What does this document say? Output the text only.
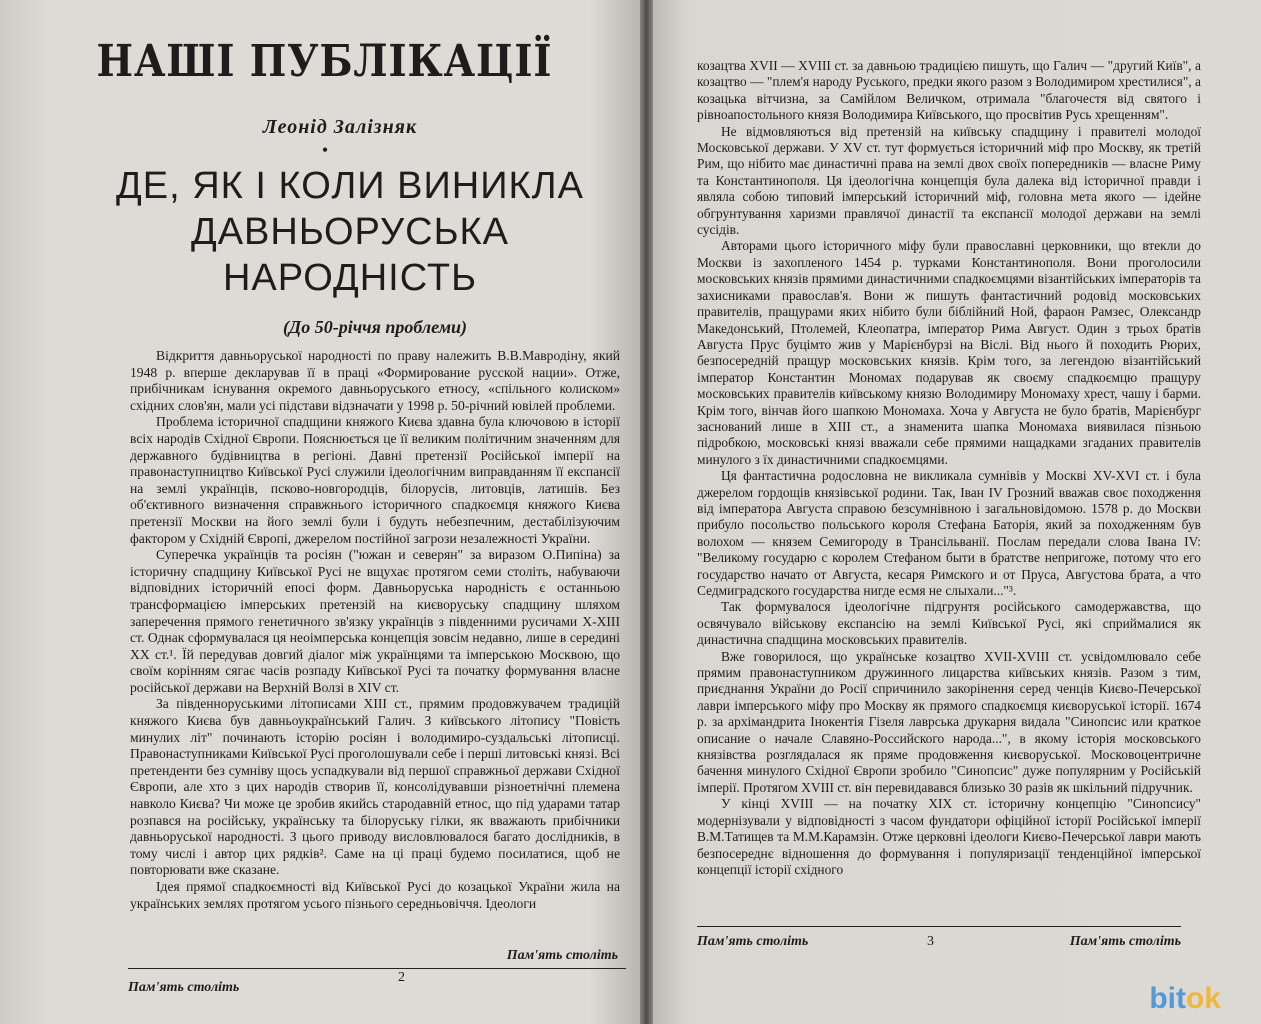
НАШІ ПУБЛІКАЦІЇ
Леонід Залізняк
•
ДЕ, ЯК І КОЛИ ВИНИКЛА
ДАВНЬОРУСЬКА НАРОДНІСТЬ
(До 50-річчя проблеми)

Відкриття давньоруської народності по праву належить В.В.Мавродіну, який 1948 р. вперше декларував її в праці «Формирование русской нации». Отже, прибічникам існування окремого давньоруського етносу, «спільного колиском» східних слов'ян, мали усі підстави відзначати у 1998 р. 50-річний ювілей проблеми.

Проблема історичної спадщини княжого Києва здавна була ключовою в історії всіх народів Східної Європи. Пояснюється це її великим політичним значенням для державного будівництва в регіоні. Давні претензії Російської імперії на правонаступництво Київської Русі служили ідеологічним виправданням її експансії на землі українців, псково-новгородців, білорусів, литовців, латишів. Без об'єктивного визначення справжнього історичного спадкоємця княжого Києва претензії Москви на його землі були і будуть небезпечним, дестабілізуючим фактором у Східній Європі, джерелом постійної загрози незалежності України.

Суперечка українців та росіян ("южан и северян" за виразом О.Пипіна) за історичну спадщину Київської Русі не вщухає протягом семи століть, набуваючи відповідних історичній епосі форм. Давньоруська народність є останньою трансформацією імперських претензій на києворуську спадщину шляхом заперечення прямого генетичного зв'язку українців з південними русичами Х-ХІІІ ст. Однак сформувалася ця неоімперська концепція зовсім недавно, лише в середині ХХ ст.¹. Їй передував довгий діалог між українцями та імперською Москвою, що своїм корінням сягає часів розпаду Київської Русі та початку формування власне російської держави на Верхній Волзі в XIV ст.

За південноруськими літописами ХІІІ ст., прямим продовжувачем традицій княжого Києва був давньоукраїнський Галич. З київського літопису "Повість минулих літ" починають історію росіян і володимиро-суздальські літописці. Правонаступниками Київської Русі проголошували себе і перші литовські князі. Всі претенденти без сумніву щось успадкували від першої справжньої держави Східної Європи, але хто з цих народів створив її, консолідувавши різноетнічні племена навколо Києва? Чи може це зробив якийсь стародавній етнос, що під ударами татар розпався на російську, українську та білоруську гілки, як вважають прибічники давньоруської народності. З цього приводу висловлювалося багато дослідників, в тому числі і автор цих рядків². Саме на ці праці будемо посилатися, щоб не повторювати вже сказане.

Ідея прямої спадкоємності від Київської Русі до козацької України жила на українських землях протягом усього пізнього середньовіччя. Ідеологи

Пам'ять століть
2
Пам'ять століть

козацтва XVII — XVIII ст. за давньою традицією пишуть, що Галич — "другий Київ", а козацтво — "плем'я народу Руського, предки якого разом з Володимиром хрестилися", а козацька вітчизна, за Самійлом Величком, отримала "благочестя від святого і рівноапостольного князя Володимира Київського, що просвітив Русь хрещенням".

Не відмовляються від претензій на київську спадщину і правителі молодої Московської держави. У XV ст. тут формується історичний міф про Москву, як третій Рим, що нібито має династичні права на землі двох своїх попередників — власне Риму та Константинополя. Ця ідеологічна концепція була далека від історичної правди і являла собою типовий імперський історичний міф, головна мета якого — ідейне обгрунтування харизми правлячої династії та експансії молодої держави на землі сусідів.

Авторами цього історичного міфу були православні церковники, що втекли до Москви із захопленого 1454 р. турками Константинополя. Вони проголосили московських князів прямими династичними спадкоємцями візантійських імператорів та захисниками православ'я. Вони ж пишуть фантастичний родовід московських правителів, пращурами яких нібито були біблійний Ной, фараон Рамзес, Олександр Македонський, Птолемей, Клеопатра, імператор Рима Август. Один з трьох братів Августа Прус буцімто жив у Марієнбурзі на Віслі. Від нього й походить Рюрих, безпосередній пращур московських князів. Крім того, за легендою візантійський імператор Константин Мономах подарував як своєму спадкоємцю пращуру московських правителів київському князю Володимиру Мономаху хрест, чашу і барми. Крім того, вінчав його шапкою Мономаха. Хоча у Августа не було братів, Марієнбург заснований лише в ХІІІ ст., а знаменита шапка Мономаха виявилася пізньою підробкою, московські князі вважали себе прямими нащадками згаданих правителів минулого з їх династичними спадкоємцями.

Ця фантастична родословна не викликала сумнівів у Москві XV-XVI ст. і була джерелом гордощів князівської родини. Так, Іван IV Грозний вважав своє походження від імператора Августа справою безсумнівною і загальновідомою. 1578 р. до Москви прибуло посольство польського короля Стефана Баторія, який за походженням був волохом — князем Семигороду в Трансільванії. Послам передали слова Івана IV: "Великому государю с королем Стефаном быти в братстве непригоже, потому что его государство начато от Августа, кесаря Римского и от Пруса, Августова брата, а что Седмиградского государства нигде есмя не слыхали..."³.

Так формувалося ідеологічне підгрунтя російського самодержавства, що освячувало військову експансію на землі Київської Русі, які сприймалися як династична спадщина московських правителів.

Вже говорилося, що українське козацтво XVII-XVIII ст. усвідомлювало себе прямим правонаступником дружинного лицарства київських князів. Разом з тим, приєднання України до Росії спричинило закорінення серед ченців Києво-Печерської лаври імперського міфу про Москву як прямого спадкоємця києворуської історії. 1674 р. за архімандрита Інокентія Гізеля лаврська друкарня видала "Синопсис или краткое описание о начале Славяно-Российского народа...", в якому історія московського князівства розглядалася як пряме продовження києворуської. Московоцентричне бачення минулого Східної Європи зробило "Синопсис" дуже популярним у Російській імперії. Протягом XVIII ст. він перевидавався близько 30 разів як шкільний підручник.

У кінці XVIII — на початку XIX ст. історичну концепцію "Синопсису" модернізували у відповідності з часом фундатори офіційної історії Російської імперії В.М.Татищев та М.М.Карамзін. Отже церковні ідеологи Києво-Печерської лаври мають безпосереднє відношення до формування і популяризації тенденційної імперської концепції історії східного

Пам'ять століть	3	Пам'ять століть
bitok
